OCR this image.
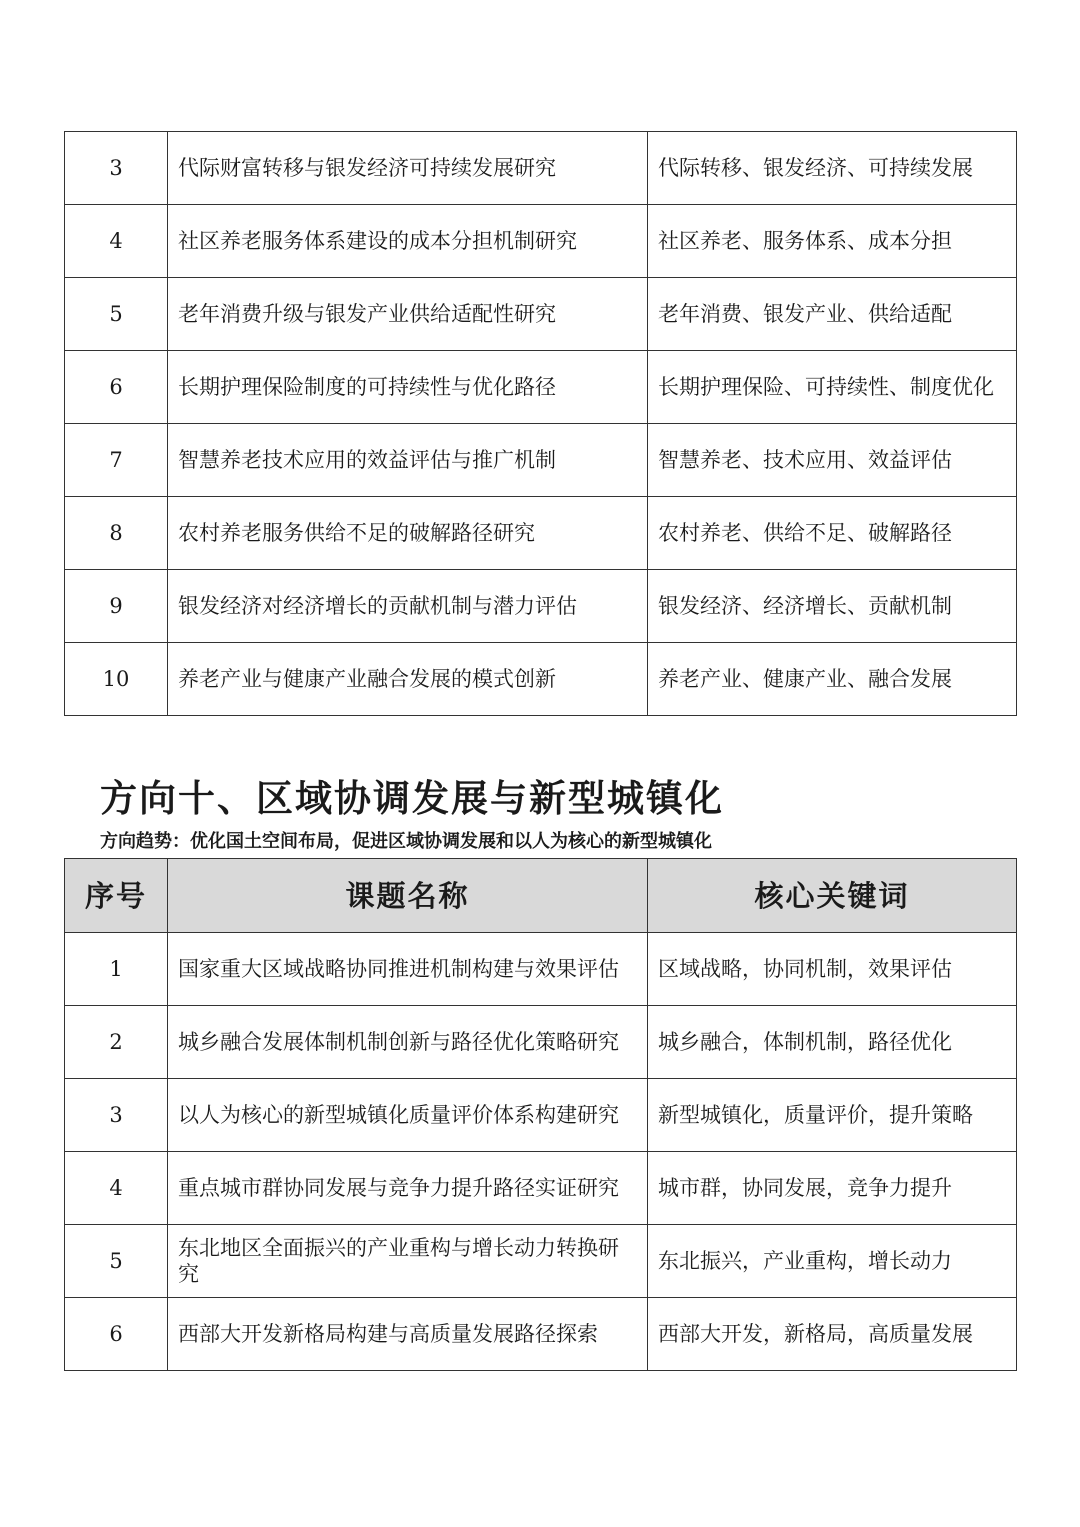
3	代际财富转移与银发经济可持续发展研究	代际转移、银发经济、可持续发展
4	社区养老服务体系建设的成本分担机制研究	社区养老、服务体系、成本分担
5	老年消费升级与银发产业供给适配性研究	老年消费、银发产业、供给适配
6	长期护理保险制度的可持续性与优化路径	长期护理保险、可持续性、制度优化
7	智慧养老技术应用的效益评估与推广机制	智慧养老、技术应用、效益评估
8	农村养老服务供给不足的破解路径研究	农村养老、供给不足、破解路径
9	银发经济对经济增长的贡献机制与潜力评估	银发经济、经济增长、贡献机制
10	养老产业与健康产业融合发展的模式创新	养老产业、健康产业、融合发展
方向十、区域协调发展与新型城镇化
方向趋势：优化国土空间布局，促进区域协调发展和以人为核心的新型城镇化
序号	课题名称	核心关键词
1	国家重大区域战略协同推进机制构建与效果评估	区域战略，协同机制，效果评估
2	城乡融合发展体制机制创新与路径优化策略研究	城乡融合，体制机制，路径优化
3	以人为核心的新型城镇化质量评价体系构建研究	新型城镇化，质量评价，提升策略
4	重点城市群协同发展与竞争力提升路径实证研究	城市群，协同发展，竞争力提升
5	东北地区全面振兴的产业重构与增长动力转换研究	东北振兴，产业重构，增长动力
6	西部大开发新格局构建与高质量发展路径探索	西部大开发，新格局，高质量发展
